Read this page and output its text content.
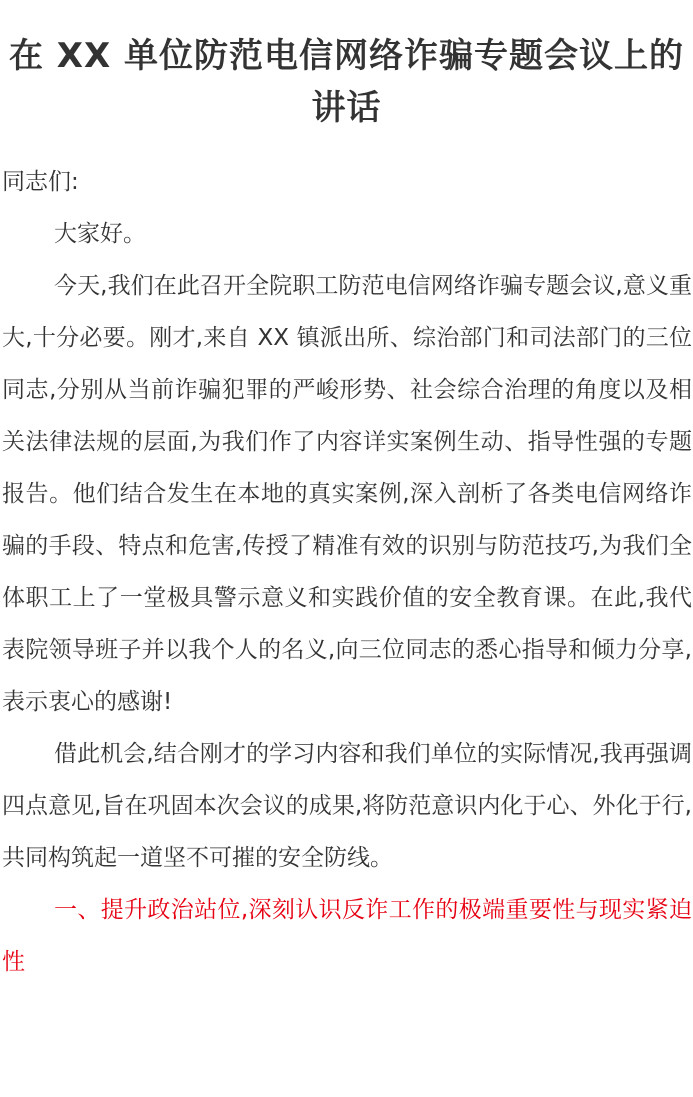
在 XX 单位防范电信网络诈骗专题会议上的讲话

同志们:

大家好。

今天,我们在此召开全院职工防范电信网络诈骗专题会议,意义重大,十分必要。刚才,来自 XX 镇派出所、综治部门和司法部门的三位同志,分别从当前诈骗犯罪的严峻形势、社会综合治理的角度以及相关法律法规的层面,为我们作了内容详实案例生动、指导性强的专题报告。他们结合发生在本地的真实案例,深入剖析了各类电信网络诈骗的手段、特点和危害,传授了精准有效的识别与防范技巧,为我们全体职工上了一堂极具警示意义和实践价值的安全教育课。在此,我代表院领导班子并以我个人的名义,向三位同志的悉心指导和倾力分享,表示衷心的感谢!

借此机会,结合刚才的学习内容和我们单位的实际情况,我再强调四点意见,旨在巩固本次会议的成果,将防范意识内化于心、外化于行,共同构筑起一道坚不可摧的安全防线。

一、提升政治站位,深刻认识反诈工作的极端重要性与现实紧迫性
